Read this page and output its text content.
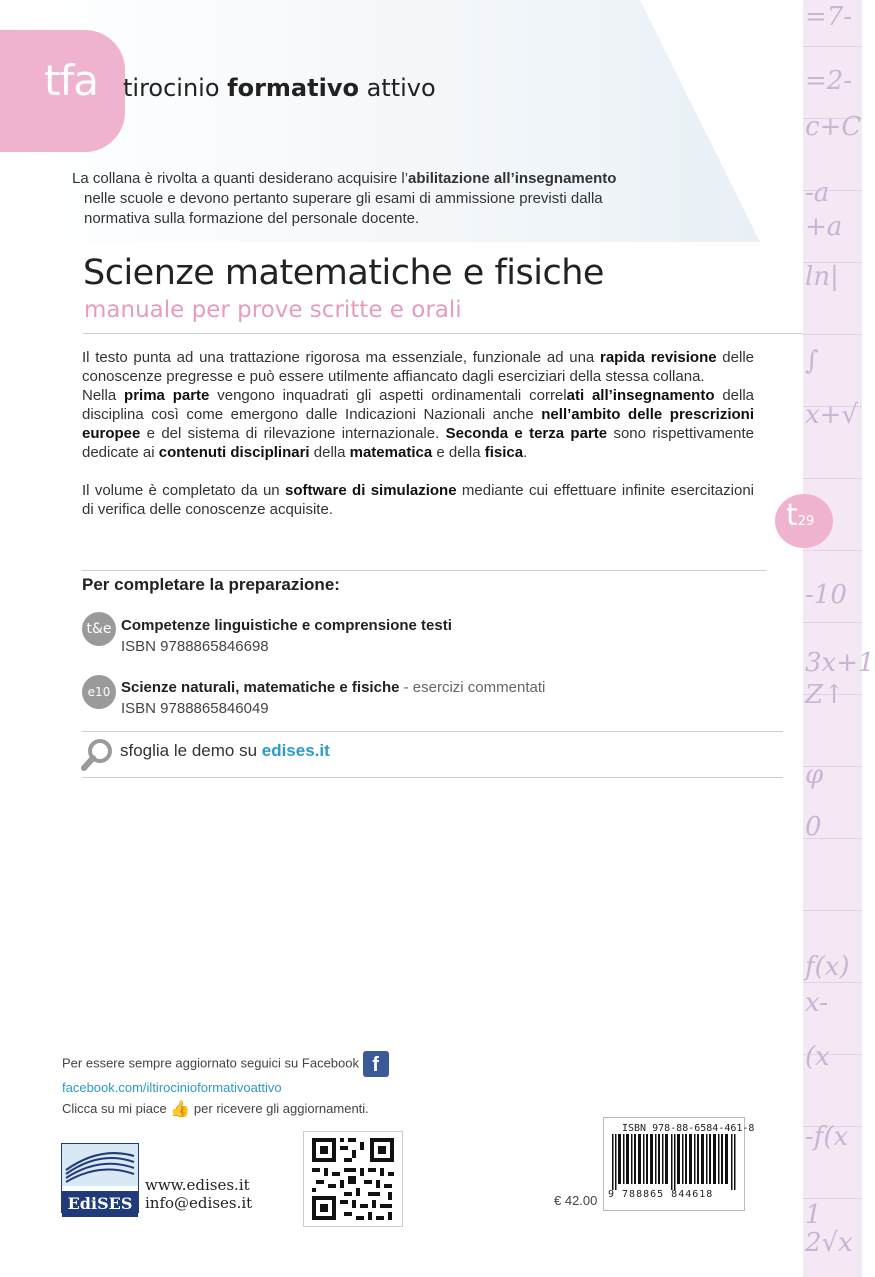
tfa tirocinio formativo attivo
La collana è rivolta a quanti desiderano acquisire l’abilitazione all’insegnamento
nelle scuole e devono pertanto superare gli esami di ammissione previsti dalla
normativa sulla formazione del personale docente.
=7-
=2-
c+C
-a
+a
ln|
∫
x+√
-10
3x+1
Z↑
φ
0
f(x)
x-
(x
-f(x
1
2√x
Scienze matematiche e fisiche
manuale per prove scritte e orali

Il testo punta ad una trattazione rigorosa ma essenziale, funzionale ad una rapida revisione delle conoscenze pregresse e può essere utilmente affiancato dagli eserciziari della stessa collana.

Nella prima parte vengono inquadrati gli aspetti ordinamentali correlati all’insegnamento della disciplina così come emergono dalle Indicazioni Nazionali anche nell’ambito delle prescrizioni europee e del sistema di rilevazione internazionale. Seconda e terza parte sono rispettivamente dedicate ai contenuti disciplinari della matematica e della fisica.

Il volume è completato da un software di simulazione mediante cui effettuare infinite esercitazioni di verifica delle conoscenze acquisite.	t29
Per completare la preparazione:
t&e Competenze linguistiche e comprensione testi
ISBN 9788865846698
e10 Scienze naturali, matematiche e fisiche - esercizi commentati
ISBN 9788865846049
sfoglia le demo su edises.it
Per essere sempre aggiornato seguici su Facebook f
facebook.com/iltirocinioformativoattivo
Clicca su mi piace 👍 per ricevere gli aggiornamenti.
EdiSES
www.edises.it
info@edises.it	€ 42.00
ISBN 978-88-6584-461-8
9 788865 844618
